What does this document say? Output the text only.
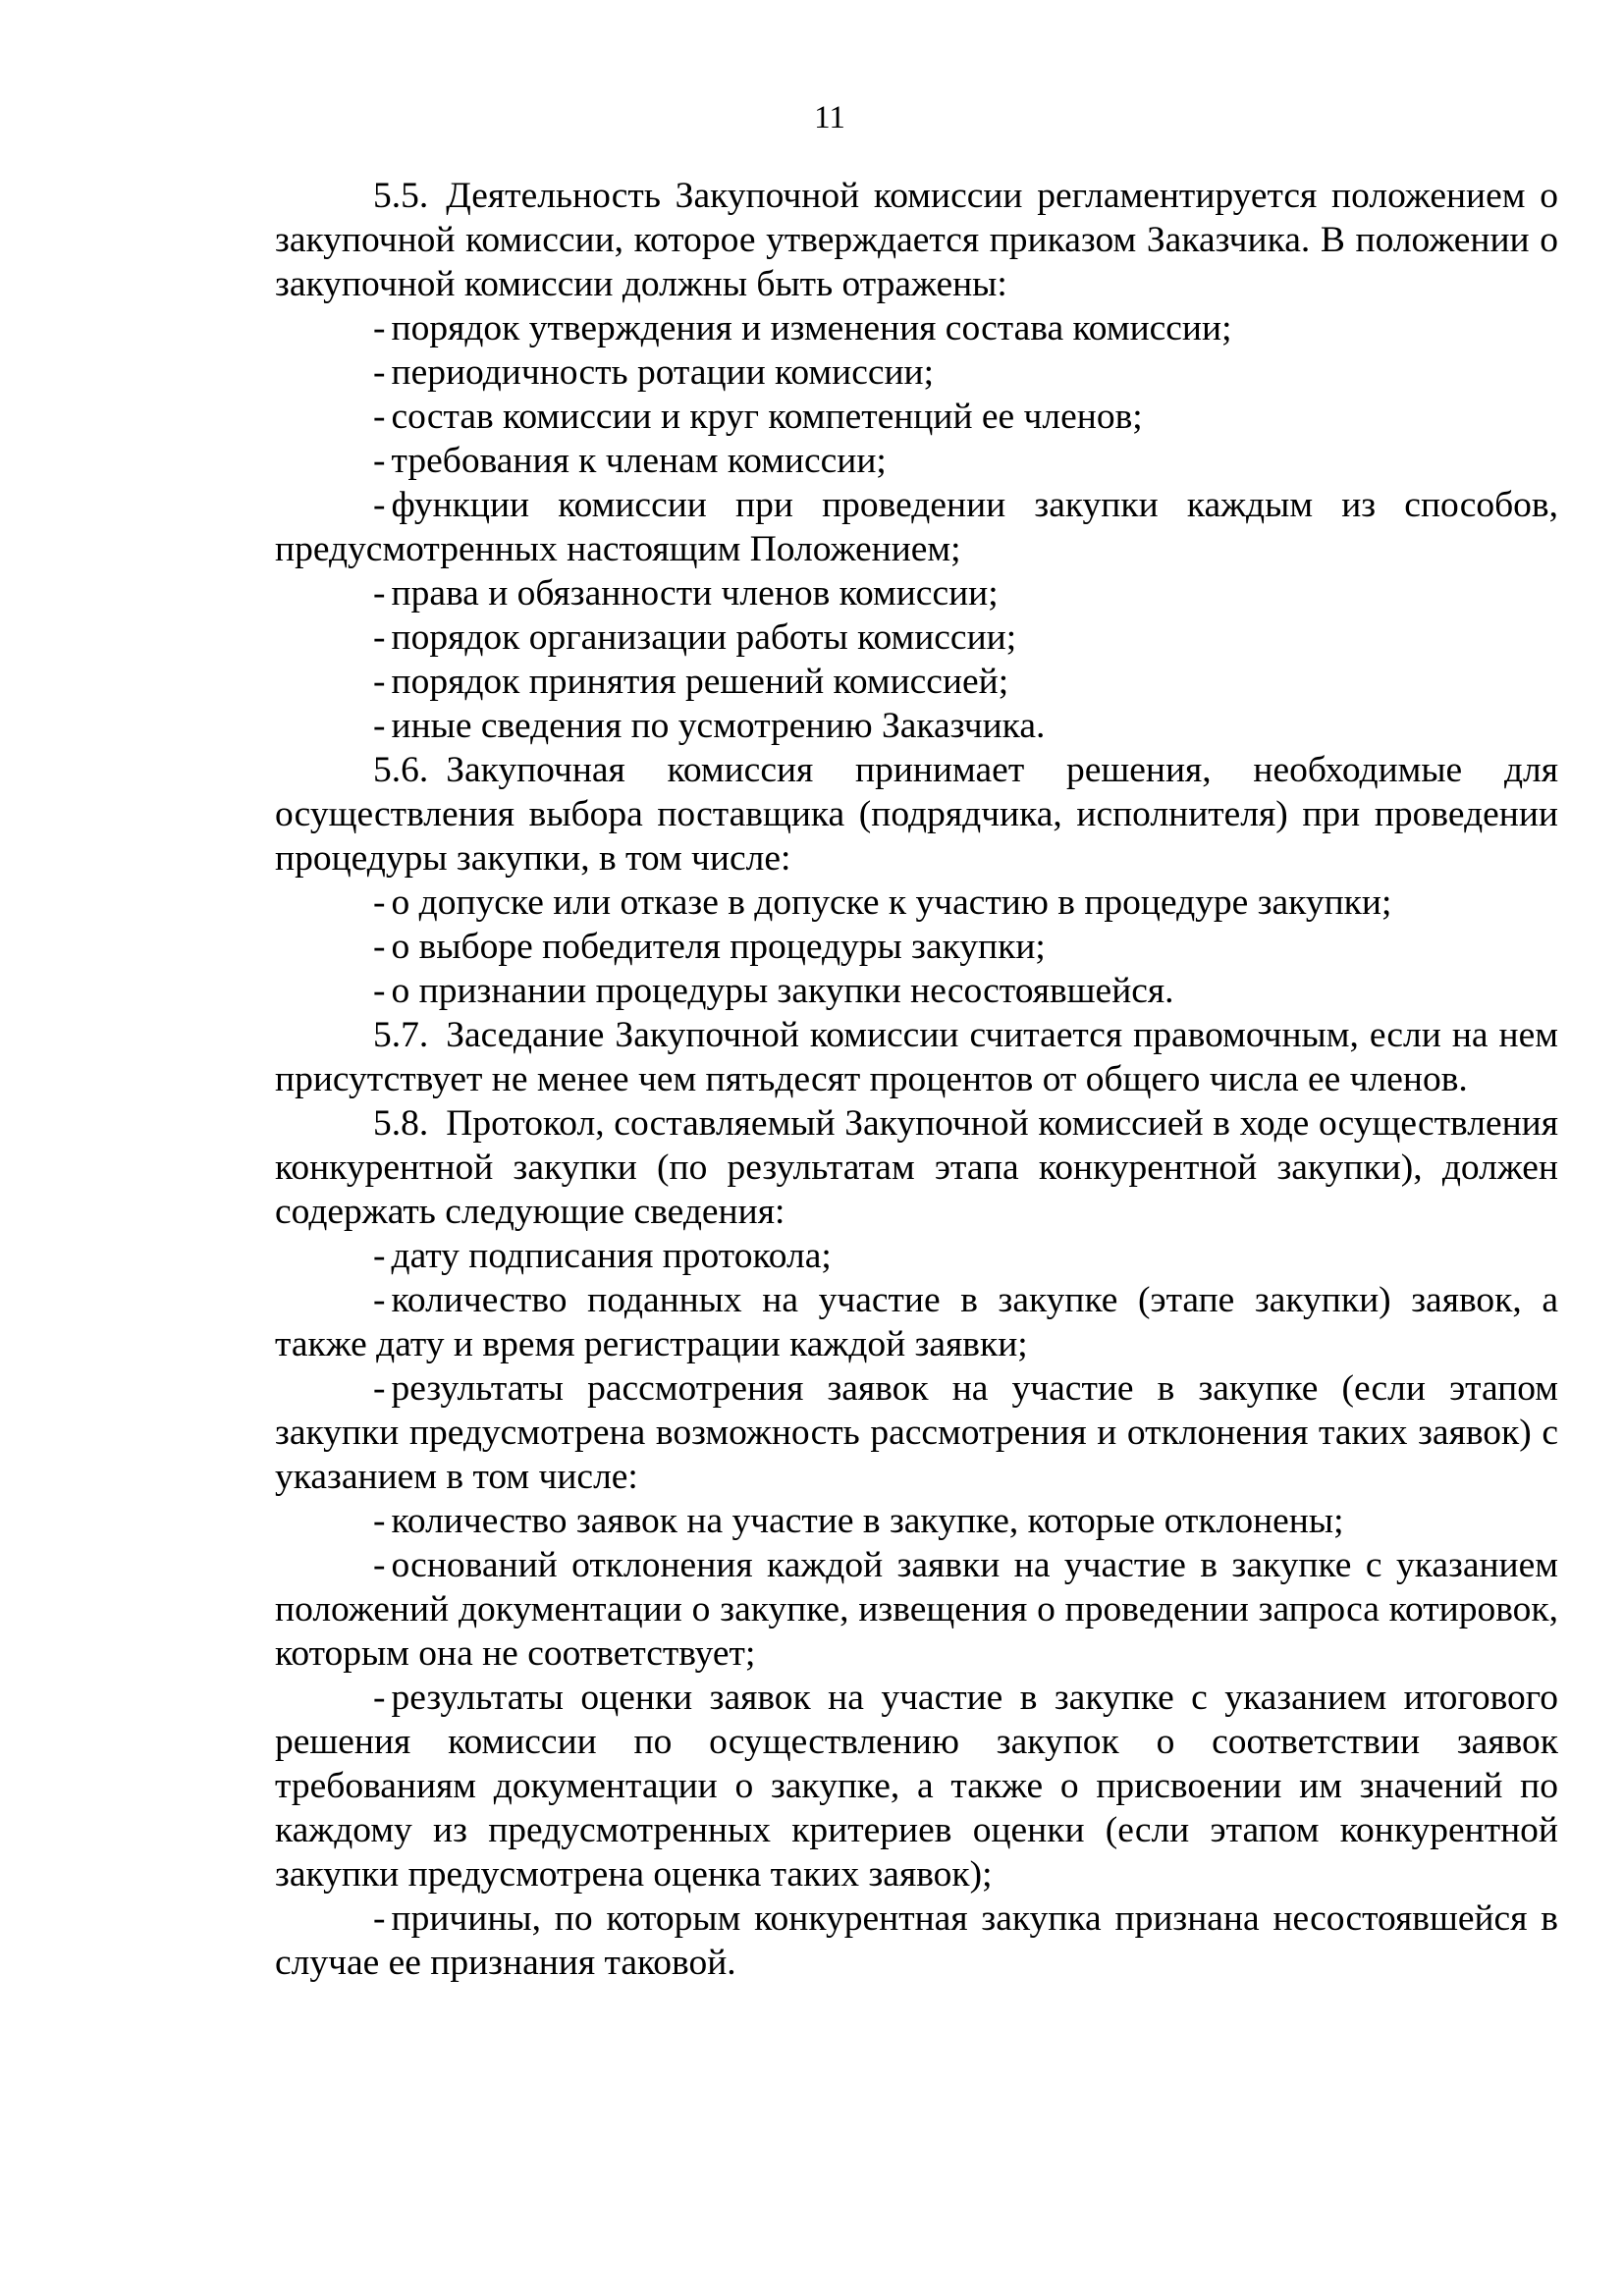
11

5.5. Деятельность Закупочной комиссии регламентируется положением о закупочной комиссии, которое утверждается приказом Заказчика. В положении о закупочной комиссии должны быть отражены:

- порядок утверждения и изменения состава комиссии;

- периодичность ротации комиссии;

- состав комиссии и круг компетенций ее членов;

- требования к членам комиссии;

- функции комиссии при проведении закупки каждым из способов, предусмотренных настоящим Положением;

- права и обязанности членов комиссии;

- порядок организации работы комиссии;

- порядок принятия решений комиссией;

- иные сведения по усмотрению Заказчика.

5.6. Закупочная комиссия принимает решения, необходимые для осуществления выбора поставщика (подрядчика, исполнителя) при проведении процедуры закупки, в том числе:

- о допуске или отказе в допуске к участию в процедуре закупки;

- о выборе победителя процедуры закупки;

- о признании процедуры закупки несостоявшейся.

5.7. Заседание Закупочной комиссии считается правомочным, если на нем присутствует не менее чем пятьдесят процентов от общего числа ее членов.

5.8. Протокол, составляемый Закупочной комиссией в ходе осуществления конкурентной закупки (по результатам этапа конкурентной закупки), должен содержать следующие сведения:

- дату подписания протокола;

- количество поданных на участие в закупке (этапе закупки) заявок, а также дату и время регистрации каждой заявки;

- результаты рассмотрения заявок на участие в закупке (если этапом закупки предусмотрена возможность рассмотрения и отклонения таких заявок) с указанием в том числе:

- количество заявок на участие в закупке, которые отклонены;

- оснований отклонения каждой заявки на участие в закупке с указанием положений документации о закупке, извещения о проведении запроса котировок, которым она не соответствует;

- результаты оценки заявок на участие в закупке с указанием итогового решения комиссии по осуществлению закупок о соответствии заявок требованиям документации о закупке, а также о присвоении им значений по каждому из предусмотренных критериев оценки (если этапом конкурентной закупки предусмотрена оценка таких заявок);

- причины, по которым конкурентная закупка признана несостоявшейся в случае ее признания таковой.
